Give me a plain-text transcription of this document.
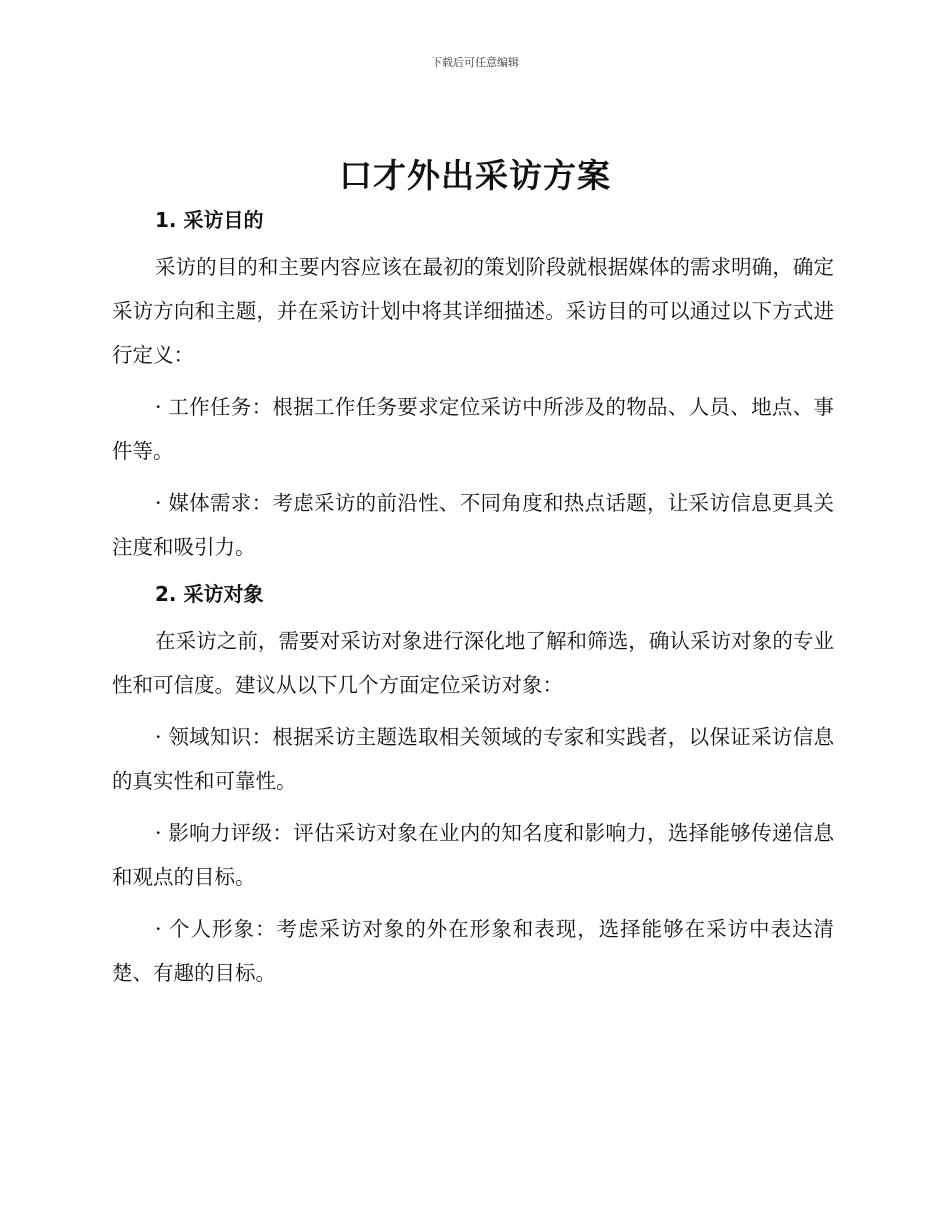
下载后可任意编辑
口才外出采访方案
1. 采访目的

采访的目的和主要内容应该在最初的策划阶段就根据媒体的需求明确，确定采访方向和主题，并在采访计划中将其详细描述。采访目的可以通过以下方式进行定义：

· 工作任务：根据工作任务要求定位采访中所涉及的物品、人员、地点、事件等。

· 媒体需求：考虑采访的前沿性、不同角度和热点话题，让采访信息更具关注度和吸引力。

2. 采访对象

在采访之前，需要对采访对象进行深化地了解和筛选，确认采访对象的专业性和可信度。建议从以下几个方面定位采访对象：

· 领域知识：根据采访主题选取相关领域的专家和实践者，以保证采访信息的真实性和可靠性。

· 影响力评级：评估采访对象在业内的知名度和影响力，选择能够传递信息和观点的目标。

· 个人形象：考虑采访对象的外在形象和表现，选择能够在采访中表达清楚、有趣的目标。
